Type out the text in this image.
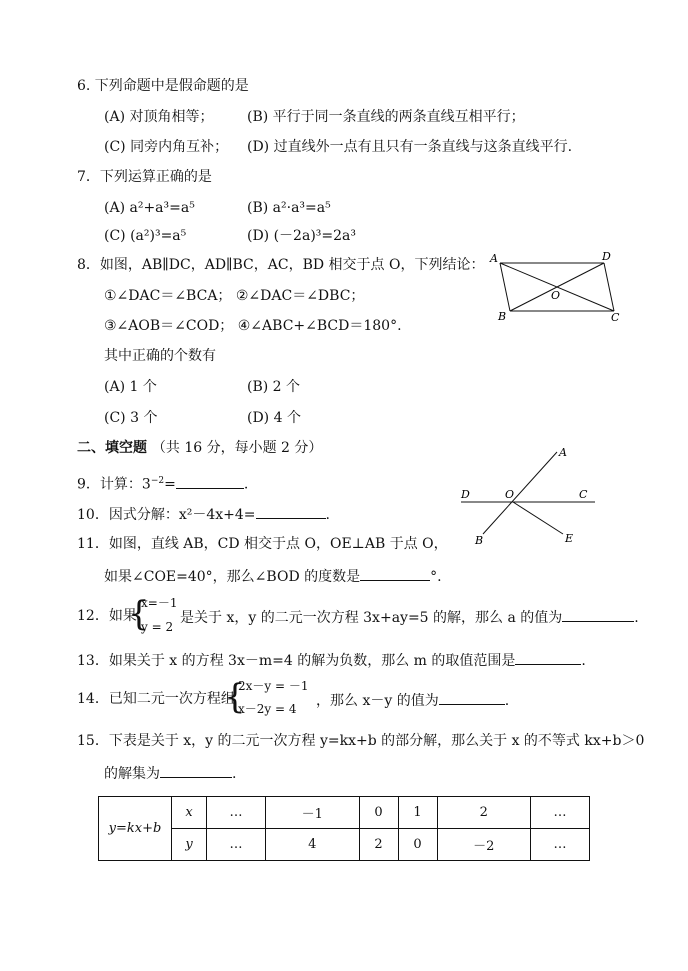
6. 下列命题中是假命题的是
(A) 对顶角相等； (B) 平行于同一条直线的两条直线互相平行；
(C) 同旁内角互补； (D) 过直线外一点有且只有一条直线与这条直线平行.
7．下列运算正确的是
(A) a²+a³=a⁵	(B) a²·a³=a⁵
(C) (a²)³=a⁵	(D) (－2a)³=2a³
8．如图，AB∥DC，AD∥BC，AC，BD 相交于点 O，下列结论：
①∠DAC＝∠BCA； ②∠DAC＝∠DBC；
③∠AOB＝∠COD； ④∠ABC+∠BCD＝180°.
其中正确的个数有
(A) 1 个	(B) 2 个
(C) 3 个	(D) 4 个
A	D
O
B	C
二、填空题 （共 16 分，每小题 2 分）
9．计算：$3^{-2}=$	.
10．因式分解：x²－4x+4=	.
11．如图，直线 AB，CD 相交于点 O，OE⊥AB 于点 O，
如果∠COE=40°，那么∠BOD 的度数是	°.
A
D	O	C
B	E
12．如果
{
x=－1
y = 2
是关于 x，y 的二元一次方程 3x+ay=5 的解，那么 a 的值为	.
13．如果关于 x 的方程 3x－m=4 的解为负数，那么 m 的取值范围是	.
14．已知二元一次方程组
{
2x－y = －1
x－2y = 4 ，那么 x－y 的值为	.
15．下表是关于 x，y 的二元一次方程 y=kx+b 的部分解，那么关于 x 的不等式 kx+b＞0
的解集为	.
y=kx+b	x	…	－1	0	1	2	…
	y	…	4	2	0	－2	…
